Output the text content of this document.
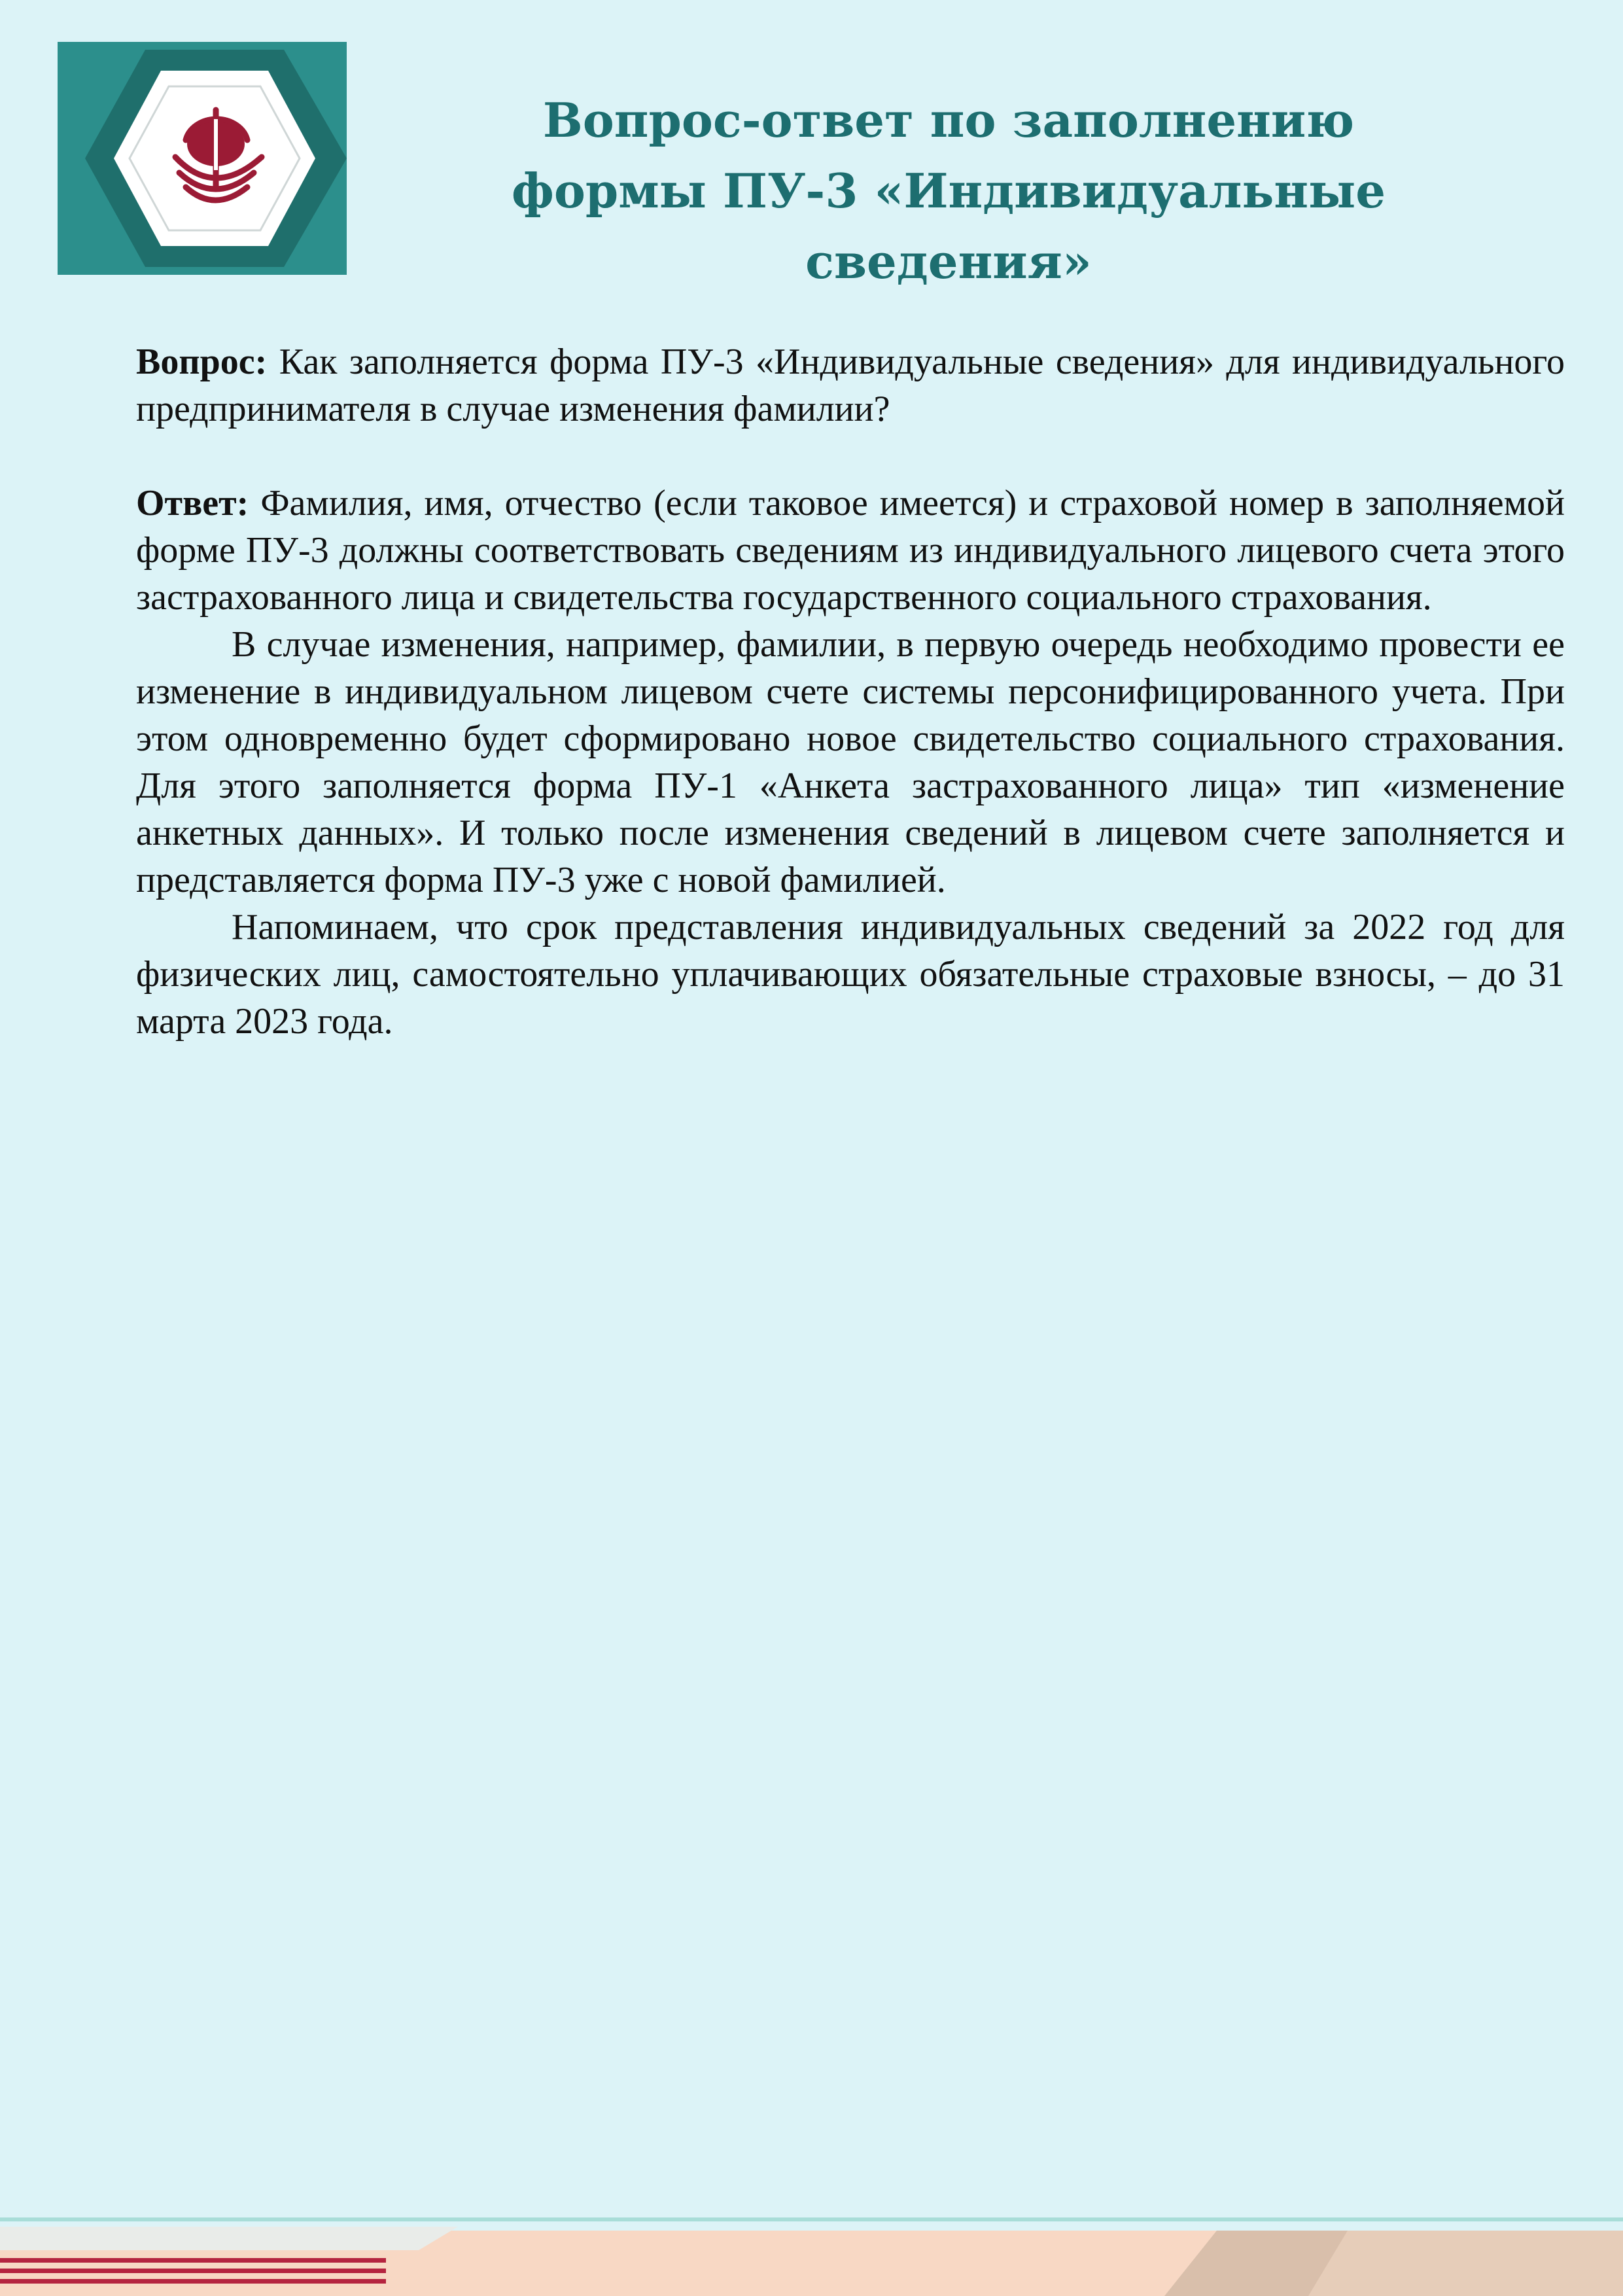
Вопрос-ответ по заполнению
формы ПУ-3 «Индивидуальные сведения»

Вопрос: Как заполняется форма ПУ-3 «Индивидуальные сведения» для индивидуального предпринимателя в случае изменения фамилии?

Ответ: Фамилия, имя, отчество (если таковое имеется) и страховой номер в заполняемой форме ПУ-3 должны соответствовать сведениям из индивидуального лицевого счета этого застрахованного лица и свидетельства государственного социального страхования.

В случае изменения, например, фамилии, в первую очередь необходимо провести ее изменение в индивидуальном лицевом счете системы персонифицированного учета. При этом одновременно будет сформировано новое свидетельство социального страхования. Для этого заполняется форма ПУ-1 «Анкета застрахованного лица» тип «изменение анкетных данных». И только после изменения сведений в лицевом счете заполняется и представляется форма ПУ-3 уже с новой фамилией.

Напоминаем, что срок представления индивидуальных сведений за 2022 год для физических лиц, самостоятельно уплачивающих обязательные страховые взносы, – до 31 марта 2023 года.
